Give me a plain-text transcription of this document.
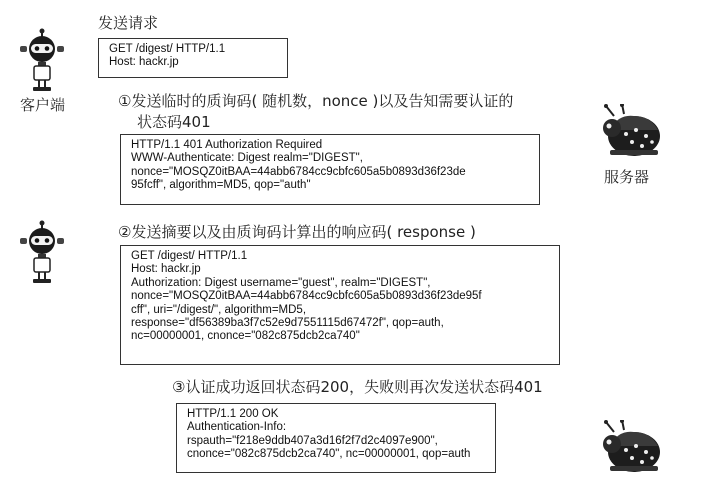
发送请求
客户端
GET /digest/ HTTP/1.1
Host: hackr.jp
①发送临时的质询码( 随机数，nonce )以及告知需要认证的
状态码401
HTTP/1.1 401 Authorization Required
WWW-Authenticate: Digest realm="DIGEST",
nonce="MOSQZ0itBAA=44abb6784cc9cbfc605a5b0893d36f23de
95fcff", algorithm=MD5, qop="auth"	服务器
②发送摘要以及由质询码计算出的响应码( response )
GET /digest/ HTTP/1.1
Host: hackr.jp
Authorization: Digest username="guest", realm="DIGEST",
nonce="MOSQZ0itBAA=44abb6784cc9cbfc605a5b0893d36f23de95f
cff", uri="/digest/", algorithm=MD5,
response="df56389ba3f7c52e9d7551115d67472f", qop=auth,
nc=00000001, cnonce="082c875dcb2ca740"
③认证成功返回状态码200，失败则再次发送状态码401
HTTP/1.1 200 OK
Authentication-Info:
rspauth="f218e9ddb407a3d16f2f7d2c4097e900",
cnonce="082c875dcb2ca740", nc=00000001, qop=auth
